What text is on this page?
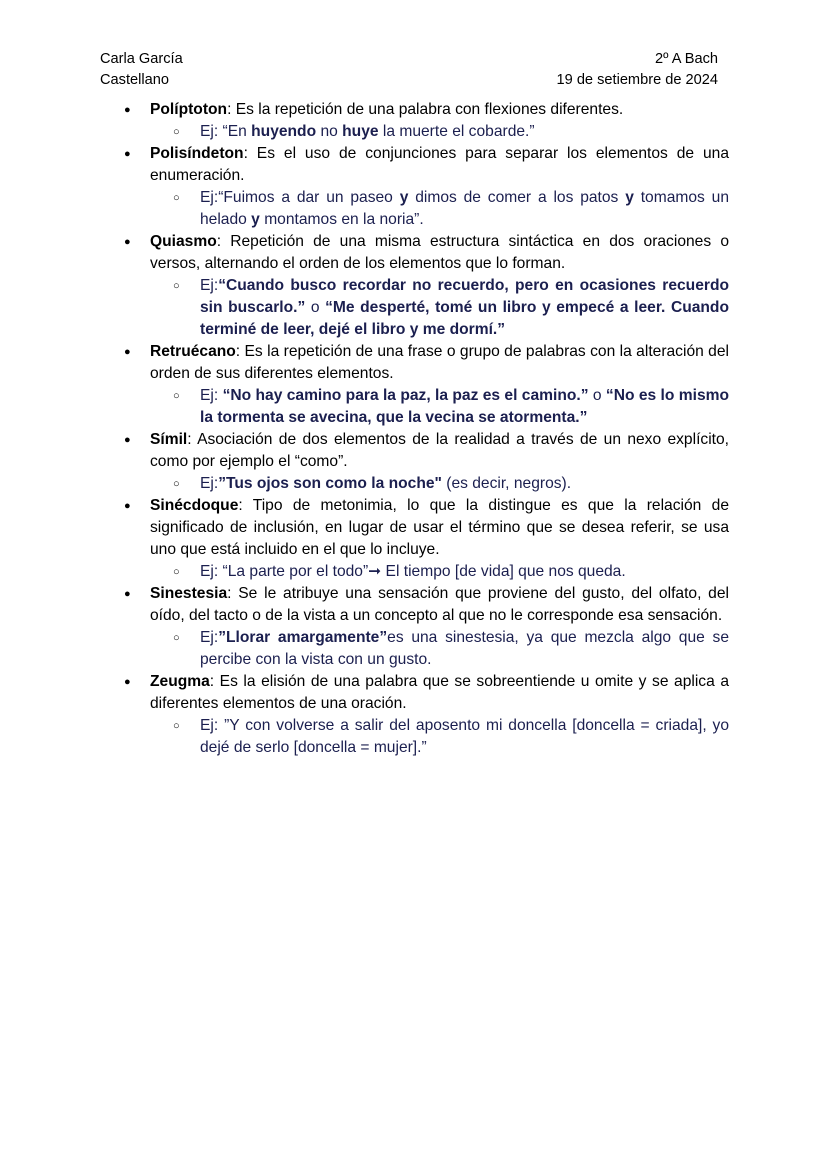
Carla García
Castellano
2º A Bach
19 de setiembre de 2024
● Políptoton: Es la repetición de una palabra con flexiones diferentes.
○ Ej: “En huyendo no huye la muerte el cobarde.”
● Polisíndeton: Es el uso de conjunciones para separar los elementos de una enumeración.
○ Ej:“Fuimos a dar un paseo y dimos de comer a los patos y tomamos un helado y montamos en la noria”.
● Quiasmo: Repetición de una misma estructura sintáctica en dos oraciones o versos, alternando el orden de los elementos que lo forman.
○ Ej:“Cuando busco recordar no recuerdo, pero en ocasiones recuerdo sin buscarlo.” o “Me desperté, tomé un libro y empecé a leer. Cuando terminé de leer, dejé el libro y me dormí.”
● Retruécano: Es la repetición de una frase o grupo de palabras con la alteración del orden de sus diferentes elementos.
○ Ej: “No hay camino para la paz, la paz es el camino.” o “No es lo mismo la tormenta se avecina, que la vecina se atormenta.”
● Símil: Asociación de dos elementos de la realidad a través de un nexo explícito, como por ejemplo el “como”.
○ Ej:”Tus ojos son como la noche" (es decir, negros).
● Sinécdoque: Tipo de metonimia, lo que la distingue es que la relación de significado de inclusión, en lugar de usar el término que se desea referir, se usa uno que está incluido en el que lo incluye.
○ Ej: “La parte por el todo”➞ El tiempo [de vida] que nos queda.
● Sinestesia: Se le atribuye una sensación que proviene del gusto, del olfato, del oído, del tacto o de la vista a un concepto al que no le corresponde esa sensación.
○ Ej:”Llorar amargamente”es una sinestesia, ya que mezcla algo que se percibe con la vista con un gusto.
● Zeugma: Es la elisión de una palabra que se sobreentiende u omite y se aplica a diferentes elementos de una oración.
○ Ej: ”Y con volverse a salir del aposento mi doncella [doncella = criada], yo dejé de serlo [doncella = mujer].”
